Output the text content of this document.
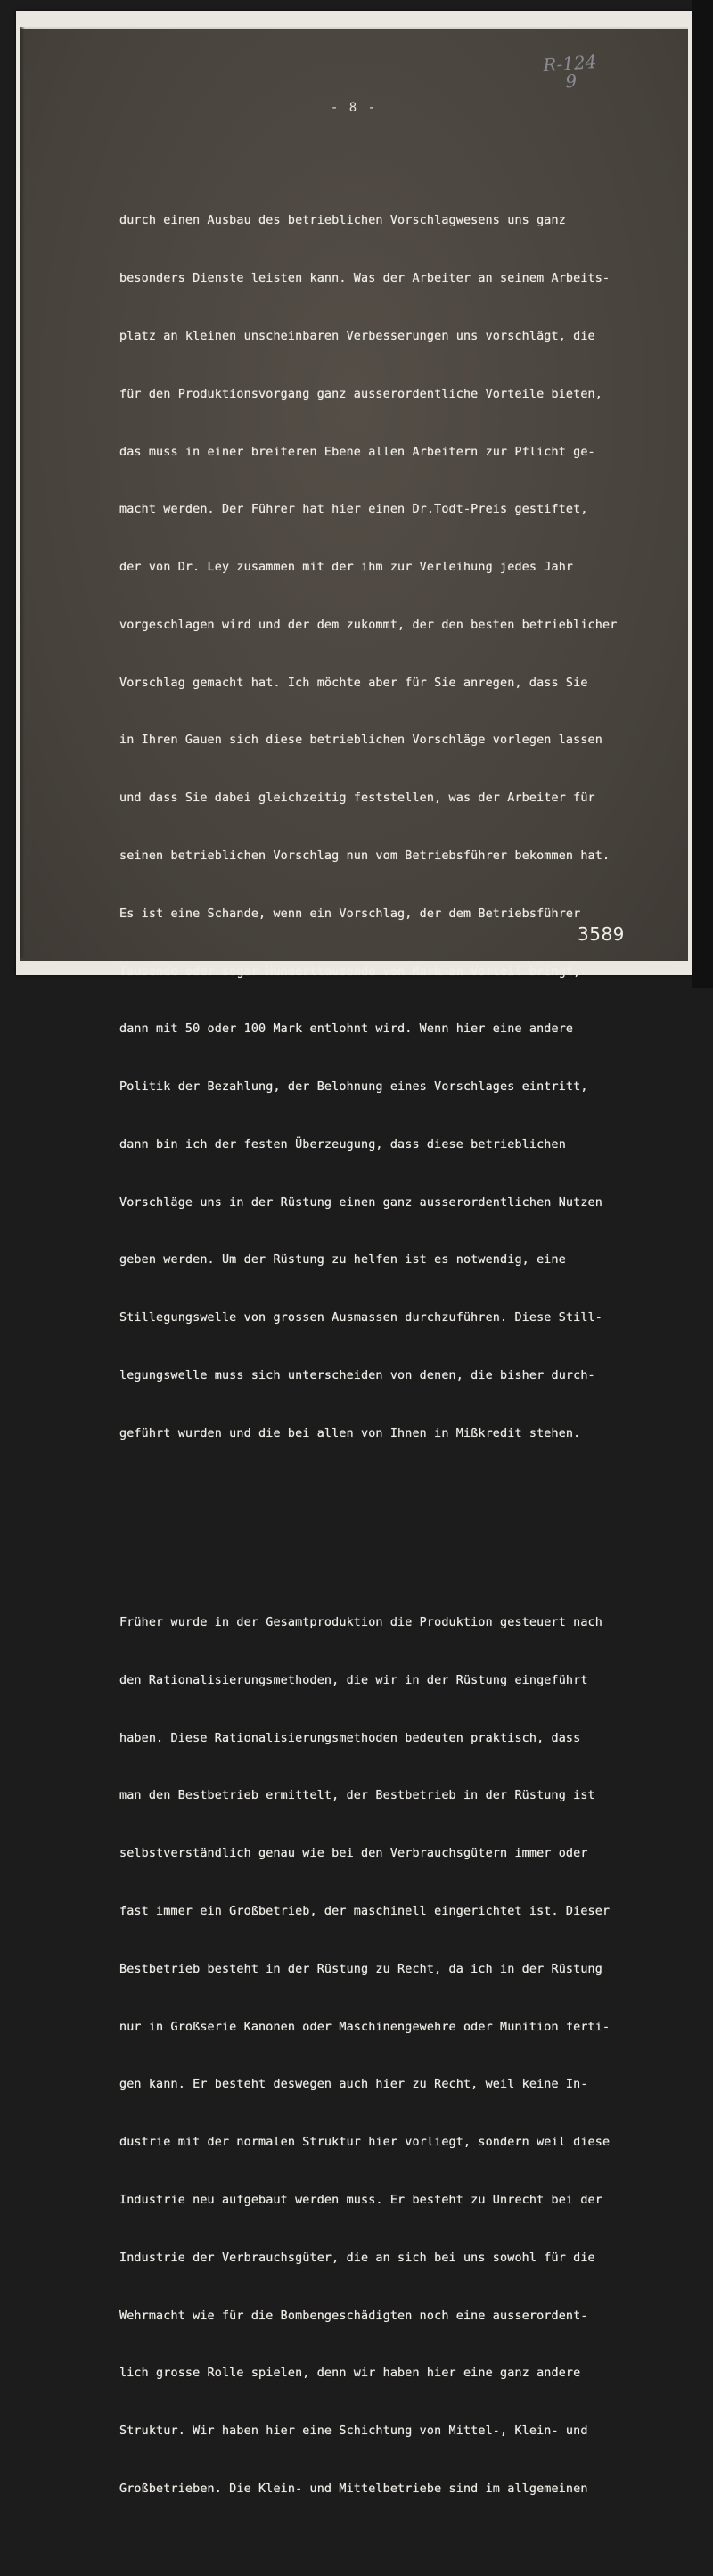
R-124
9
- 8 -

durch einen Ausbau des betrieblichen Vorschlagwesens uns ganz

besonders Dienste leisten kann. Was der Arbeiter an seinem Arbeits-

platz an kleinen unscheinbaren Verbesserungen uns vorschlägt, die

für den Produktionsvorgang ganz ausserordentliche Vorteile bieten,

das muss in einer breiteren Ebene allen Arbeitern zur Pflicht ge-

macht werden. Der Führer hat hier einen Dr.Todt-Preis gestiftet,

der von Dr. Ley zusammen mit der ihm zur Verleihung jedes Jahr

vorgeschlagen wird und der dem zukommt, der den besten betrieblicher

Vorschlag gemacht hat. Ich möchte aber für Sie anregen, dass Sie

in Ihren Gauen sich diese betrieblichen Vorschläge vorlegen lassen

und dass Sie dabei gleichzeitig feststellen, was der Arbeiter für

seinen betrieblichen Vorschlag nun vom Betriebsführer bekommen hat.

Es ist eine Schande, wenn ein Vorschlag, der dem Betriebsführer

Tausende oder sogar Hunderttausende von Mark an Vorteil bringt,

dann mit 50 oder 100 Mark entlohnt wird. Wenn hier eine andere

Politik der Bezahlung, der Belohnung eines Vorschlages eintritt,

dann bin ich der festen Überzeugung, dass diese betrieblichen

Vorschläge uns in der Rüstung einen ganz ausserordentlichen Nutzen

geben werden. Um der Rüstung zu helfen ist es notwendig, eine

Stillegungswelle von grossen Ausmassen durchzuführen. Diese Still-

legungswelle muss sich unterscheiden von denen, die bisher durch-

geführt wurden und die bei allen von Ihnen in Mißkredit stehen.

Früher wurde in der Gesamtproduktion die Produktion gesteuert nach

den Rationalisierungsmethoden, die wir in der Rüstung eingeführt

haben. Diese Rationalisierungsmethoden bedeuten praktisch, dass

man den Bestbetrieb ermittelt, der Bestbetrieb in der Rüstung ist

selbstverständlich genau wie bei den Verbrauchsgütern immer oder

fast immer ein Großbetrieb, der maschinell eingerichtet ist. Dieser

Bestbetrieb besteht in der Rüstung zu Recht, da ich in der Rüstung

nur in Großserie Kanonen oder Maschinengewehre oder Munition ferti-

gen kann. Er besteht deswegen auch hier zu Recht, weil keine In-

dustrie mit der normalen Struktur hier vorliegt, sondern weil diese

Industrie neu aufgebaut werden muss. Er besteht zu Unrecht bei der

Industrie der Verbrauchsgüter, die an sich bei uns sowohl für die

Wehrmacht wie für die Bombengeschädigten noch eine ausserordent-

lich grosse Rolle spielen, denn wir haben hier eine ganz andere

Struktur. Wir haben hier eine Schichtung von Mittel-, Klein- und

Großbetrieben. Die Klein- und Mittelbetriebe sind im allgemeinen

3589
